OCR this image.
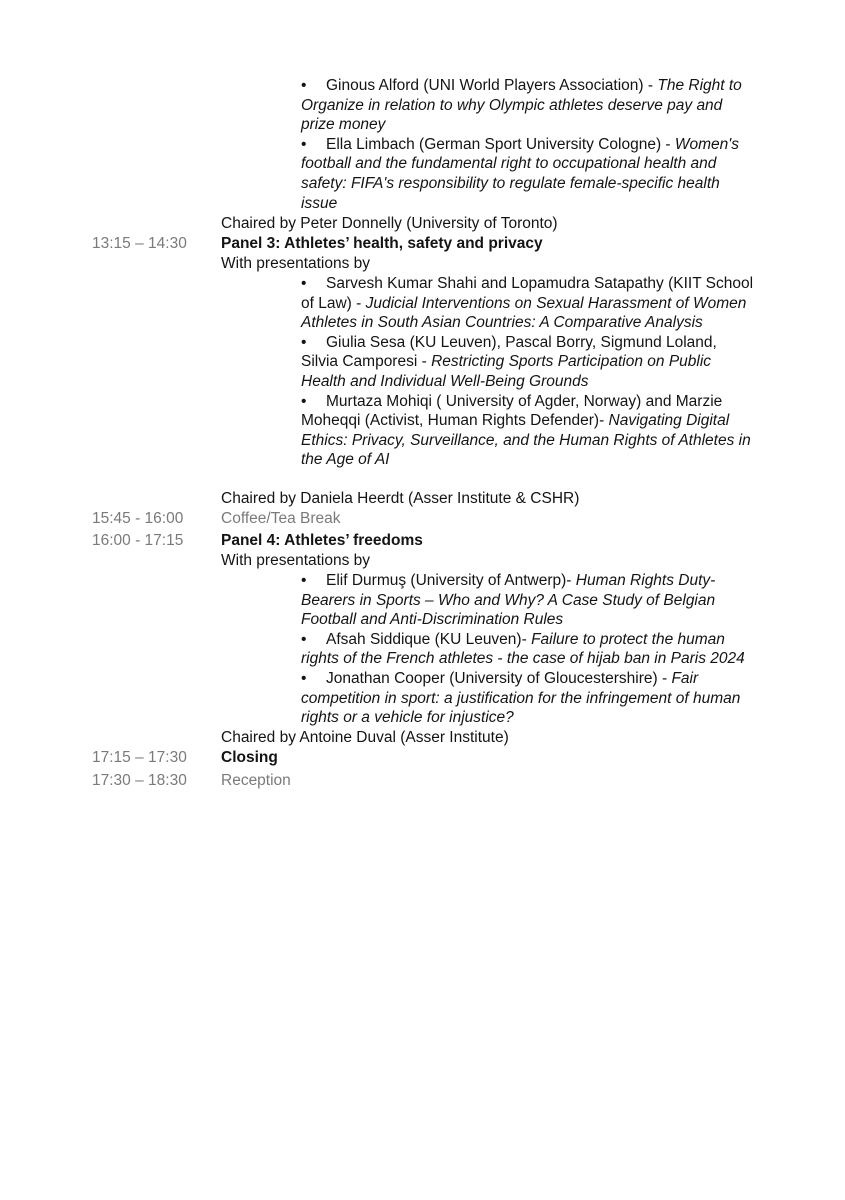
•Ginous Alford (UNI World Players Association) - The Right to Organize in relation to why Olympic athletes deserve pay and prize money

•Ella Limbach (German Sport University Cologne) - Women's football and the fundamental right to occupational health and safety: FIFA's responsibility to regulate female-specific health issue

Chaired by Peter Donnelly (University of Toronto)
13:15 – 14:30 Panel 3: Athletes’ health, safety and privacy
With presentations by

•Sarvesh Kumar Shahi and Lopamudra Satapathy (KIIT School of Law) - Judicial Interventions on Sexual Harassment of Women Athletes in South Asian Countries: A Comparative Analysis

•Giulia Sesa (KU Leuven), Pascal Borry, Sigmund Loland, Silvia Camporesi - Restricting Sports Participation on Public Health and Individual Well-Being Grounds

•Murtaza Mohiqi ( University of Agder, Norway) and Marzie Moheqqi (Activist, Human Rights Defender)- Navigating Digital Ethics: Privacy, Surveillance, and the Human Rights of Athletes in the Age of AI

Chaired by Daniela Heerdt (Asser Institute & CSHR)
15:45 - 16:00 Coffee/Tea Break
16:00 - 17:15 Panel 4: Athletes’ freedoms
With presentations by

•Elif Durmuş (University of Antwerp)- Human Rights Duty-Bearers in Sports – Who and Why? A Case Study of Belgian Football and Anti-Discrimination Rules

•Afsah Siddique (KU Leuven)- Failure to protect the human rights of the French athletes - the case of hijab ban in Paris 2024

•Jonathan Cooper (University of Gloucestershire) - Fair competition in sport: a justification for the infringement of human rights or a vehicle for injustice?

Chaired by Antoine Duval (Asser Institute)
17:15 – 17:30 Closing
17:30 – 18:30 Reception
